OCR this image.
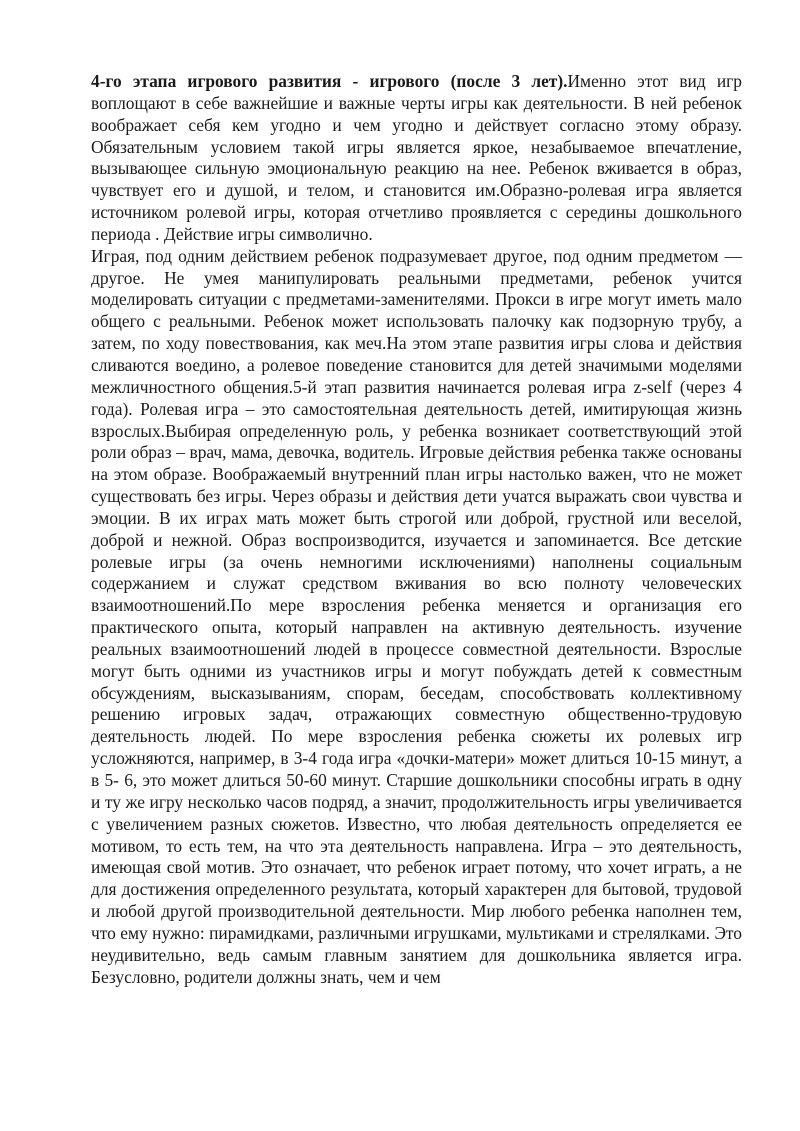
4-го этапа игрового развития - игрового (после 3 лет).Именно этот вид игр воплощают в себе важнейшие и важные черты игры как деятельности. В ней ребенок воображает себя кем угодно и чем угодно и действует согласно этому образу. Обязательным условием такой игры является яркое, незабываемое впечатление, вызывающее сильную эмоциональную реакцию на нее. Ребенок вживается в образ, чувствует его и душой, и телом, и становится им.Образно-ролевая игра является источником ролевой игры, которая отчетливо проявляется с середины дошкольного периода . Действие игры символично.

Играя, под одним действием ребенок подразумевает другое, под одним предметом — другое. Не умея манипулировать реальными предметами, ребенок учится моделировать ситуации с предметами-заменителями. Прокси в игре могут иметь мало общего с реальными. Ребенок может использовать палочку как подзорную трубу, а затем, по ходу повествования, как меч.На этом этапе развития игры слова и действия сливаются воедино, а ролевое поведение становится для детей значимыми моделями межличностного общения.5-й этап развития начинается ролевая игра z-self (через 4 года). Ролевая игра – это самостоятельная деятельность детей, имитирующая жизнь взрослых.Выбирая определенную роль, у ребенка возникает соответствующий этой роли образ – врач, мама, девочка, водитель. Игровые действия ребенка также основаны на этом образе. Воображаемый внутренний план игры настолько важен, что не может существовать без игры. Через образы и действия дети учатся выражать свои чувства и эмоции. В их играх мать может быть строгой или доброй, грустной или веселой, доброй и нежной. Образ воспроизводится, изучается и запоминается. Все детские ролевые игры (за очень немногими исключениями) наполнены социальным содержанием и служат средством вживания во всю полноту человеческих взаимоотношений.По мере взросления ребенка меняется и организация его практического опыта, который направлен на активную деятельность. изучение реальных взаимоотношений людей в процессе совместной деятельности. Взрослые могут быть одними из участников игры и могут побуждать детей к совместным обсуждениям, высказываниям, спорам, беседам, способствовать коллективному решению игровых задач, отражающих совместную общественно-трудовую деятельность людей. По мере взросления ребенка сюжеты их ролевых игр усложняются, например, в 3-4 года игра «дочки-матери» может длиться 10-15 минут, а в 5- 6, это может длиться 50-60 минут. Старшие дошкольники способны играть в одну и ту же игру несколько часов подряд, а значит, продолжительность игры увеличивается с увеличением разных сюжетов. Известно, что любая деятельность определяется ее мотивом, то есть тем, на что эта деятельность направлена. Игра – это деятельность, имеющая свой мотив. Это означает, что ребенок играет потому, что хочет играть, а не для достижения определенного результата, который характерен для бытовой, трудовой и любой другой производительной деятельности. Мир любого ребенка наполнен тем, что ему нужно: пирамидками, различными игрушками, мультиками и стрелялками. Это неудивительно, ведь самым главным занятием для дошкольника является игра. Безусловно, родители должны знать, чем и чем
